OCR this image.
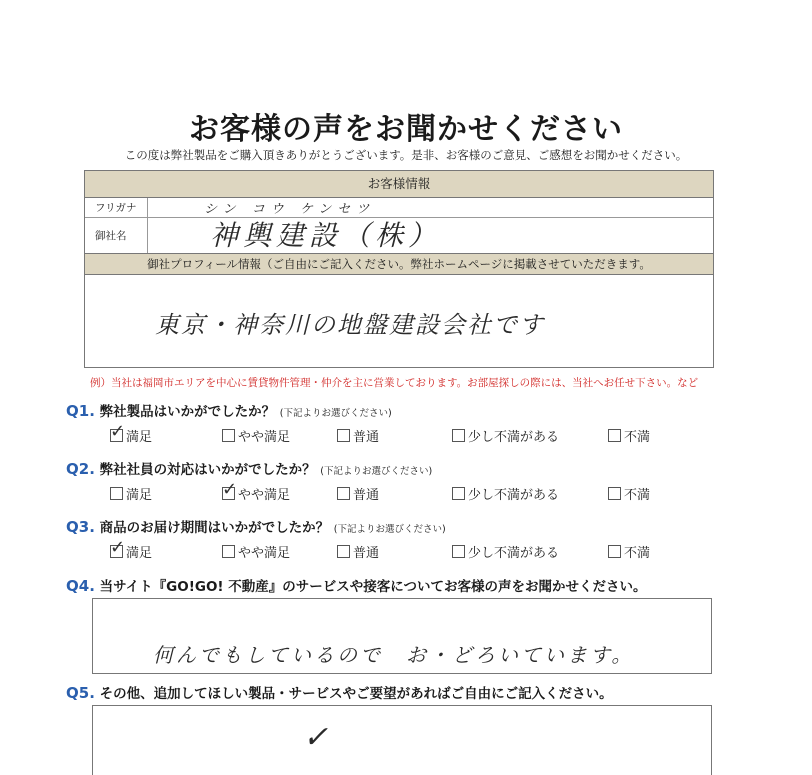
お客様の声をお聞かせください
この度は弊社製品をご購入頂きありがとうございます。是非、お客様のご意見、ご感想をお聞かせください。
お客様情報
フリガナ	シン コウ ケンセツ
御社名	神輿建設（株）
御社プロフィール情報（ご自由にご記入ください。弊社ホームページに掲載させていただきます。
東京・神奈川の地盤建設会社です
例）当社は福岡市エリアを中心に賃貸物件管理・仲介を主に営業しております。お部屋探しの際には、当社へお任せ下さい。など
Q1. 弊社製品はいかがでしたか？ (下記よりお選びください)
✓ 満足	やや満足	普通	少し不満がある	不満
Q2. 弊社社員の対応はいかがでしたか？ (下記よりお選びください)
満足	✓ やや満足	普通	少し不満がある	不満
Q3. 商品のお届け期間はいかがでしたか？ (下記よりお選びください)
✓ 満足	やや満足	普通	少し不満がある	不満
Q4. 当サイト『GO!GO! 不動産』のサービスや接客についてお客様の声をお聞かせください。
何んでもしているので　お・どろいています。
Q5. その他、追加してほしい製品・サービスやご要望があればご自由にご記入ください。
✓
